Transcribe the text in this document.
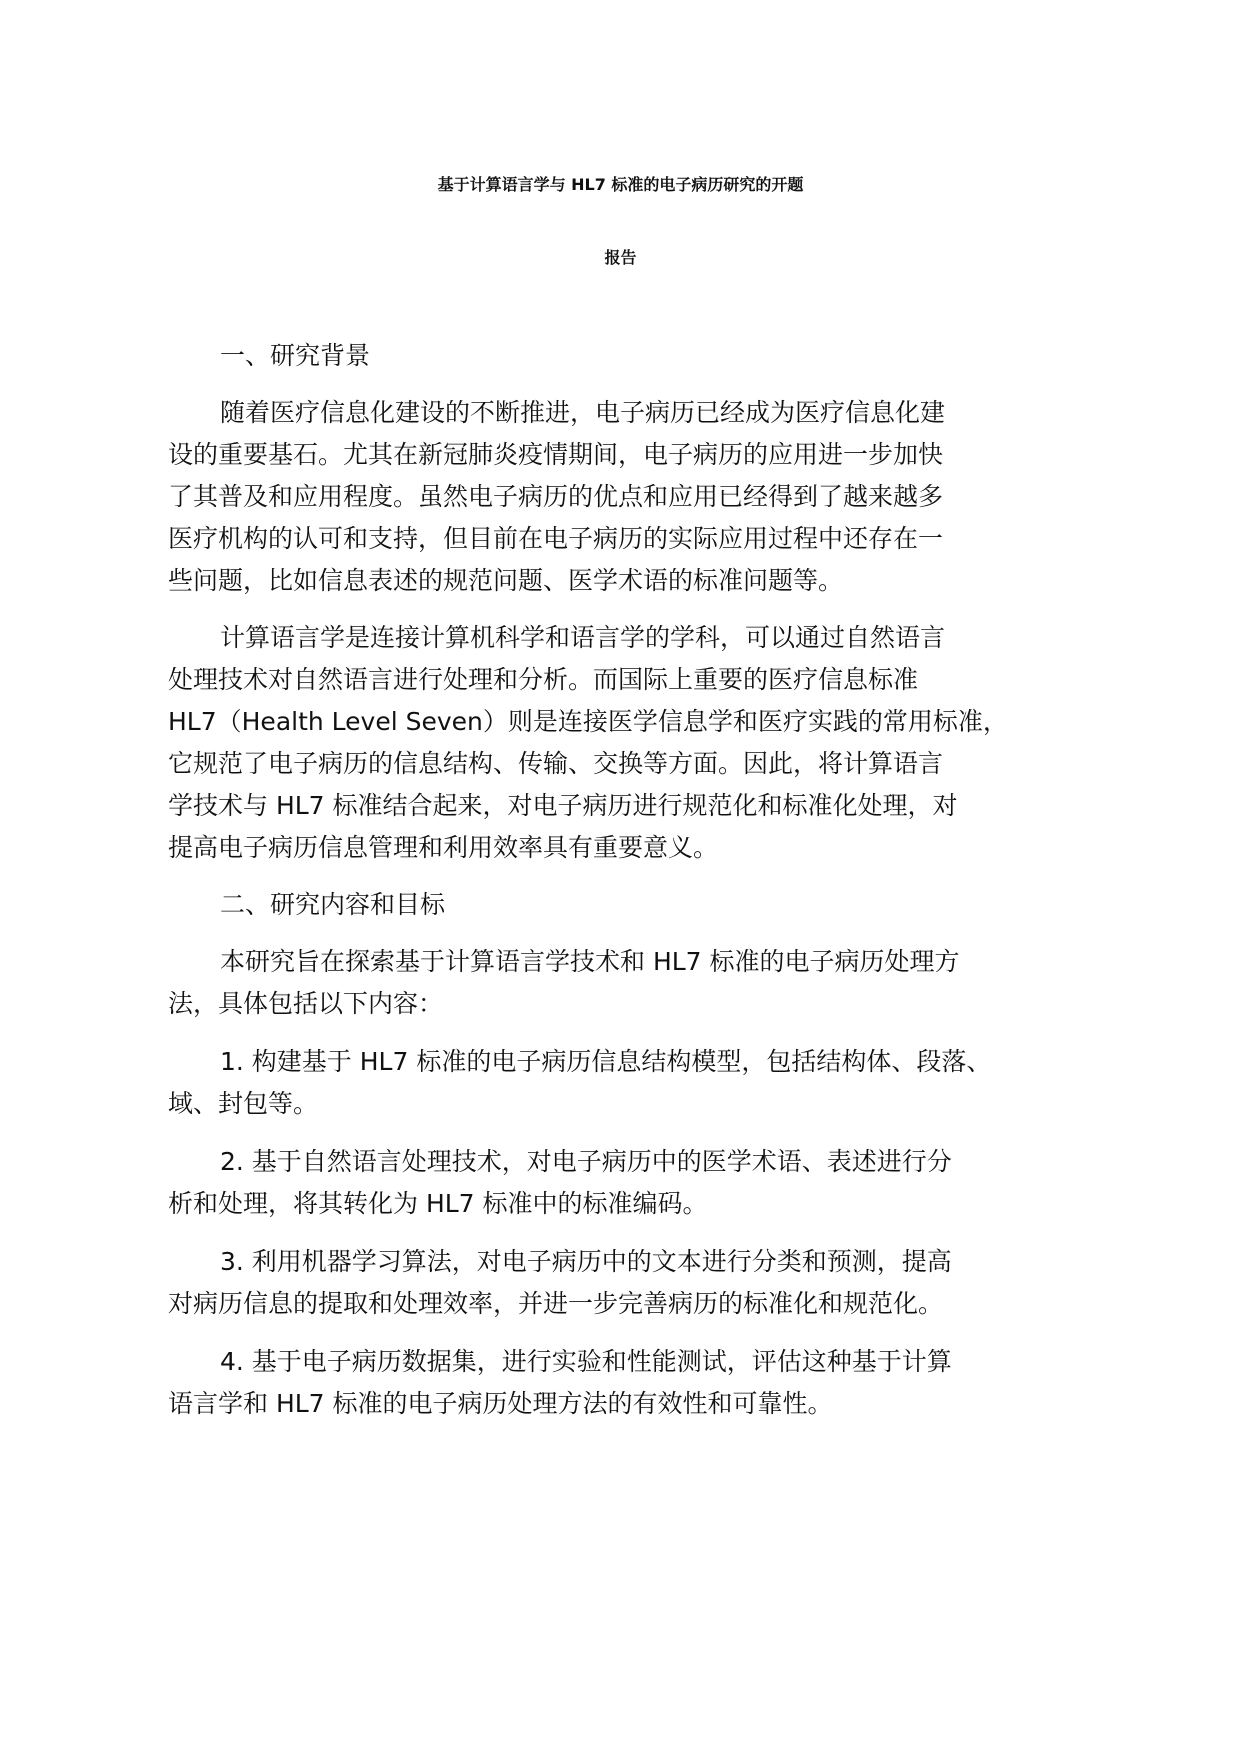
基于计算语言学与 HL7 标准的电子病历研究的开题
报告
一、研究背景
随着医疗信息化建设的不断推进，电子病历已经成为医疗信息化建
设的重要基石。尤其在新冠肺炎疫情期间，电子病历的应用进一步加快
了其普及和应用程度。虽然电子病历的优点和应用已经得到了越来越多
医疗机构的认可和支持，但目前在电子病历的实际应用过程中还存在一
些问题，比如信息表述的规范问题、医学术语的标准问题等。
计算语言学是连接计算机科学和语言学的学科，可以通过自然语言
处理技术对自然语言进行处理和分析。而国际上重要的医疗信息标准
HL7（Health Level Seven）则是连接医学信息学和医疗实践的常用标准，
它规范了电子病历的信息结构、传输、交换等方面。因此，将计算语言
学技术与 HL7 标准结合起来，对电子病历进行规范化和标准化处理，对
提高电子病历信息管理和利用效率具有重要意义。
二、研究内容和目标
本研究旨在探索基于计算语言学技术和 HL7 标准的电子病历处理方
法，具体包括以下内容：
1. 构建基于 HL7 标准的电子病历信息结构模型，包括结构体、段落、
域、封包等。
2. 基于自然语言处理技术，对电子病历中的医学术语、表述进行分
析和处理，将其转化为 HL7 标准中的标准编码。
3. 利用机器学习算法，对电子病历中的文本进行分类和预测，提高
对病历信息的提取和处理效率，并进一步完善病历的标准化和规范化。
4. 基于电子病历数据集，进行实验和性能测试，评估这种基于计算
语言学和 HL7 标准的电子病历处理方法的有效性和可靠性。
